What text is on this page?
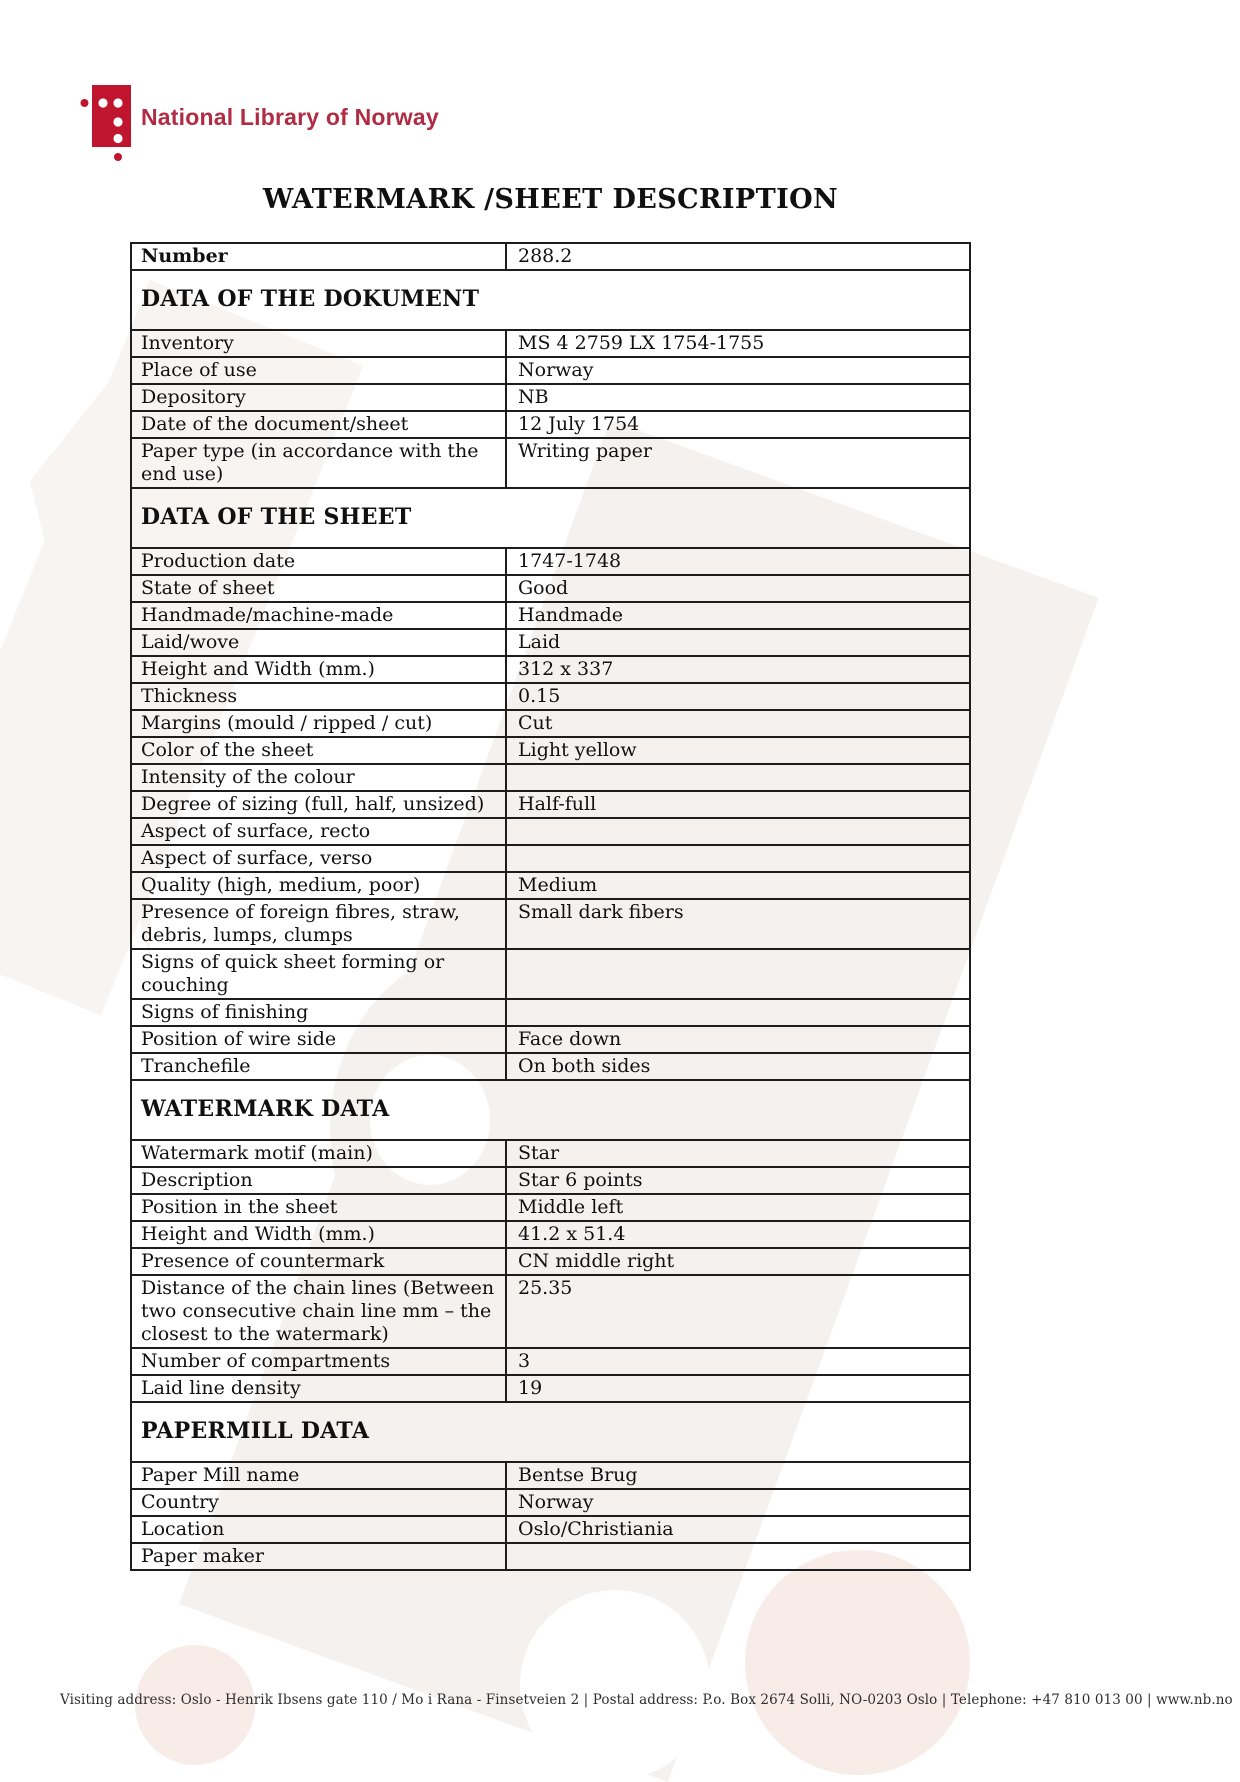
National Library of Norway
WATERMARK /SHEET DESCRIPTION
Number	288.2
DATA OF THE DOKUMENT	
Inventory	MS 4 2759 LX 1754-1755
Place of use	Norway
Depository	NB
Date of the document/sheet	12 July 1754
Paper type (in accordance with the end use)	Writing paper
DATA OF THE SHEET	
Production date	1747-1748
State of sheet	Good
Handmade/machine-made	Handmade
Laid/wove	Laid
Height and Width (mm.)	312 x 337
Thickness	0.15
Margins (mould / ripped / cut)	Cut
Color of the sheet	Light yellow
Intensity of the colour	
Degree of sizing (full, half, unsized)	Half-full
Aspect of surface, recto	
Aspect of surface, verso	
Quality (high, medium, poor)	Medium
Presence of foreign fibres, straw, debris, lumps, clumps	Small dark fibers
Signs of quick sheet forming or couching	
Signs of finishing	
Position of wire side	Face down
Tranchefile	On both sides
WATERMARK DATA	
Watermark motif (main)	Star
Description	Star 6 points
Position in the sheet	Middle left
Height and Width (mm.)	41.2 x 51.4
Presence of countermark	CN middle right
Distance of the chain lines (Between two consecutive chain line mm – the closest to the watermark)	25.35
Number of compartments	3
Laid line density	19
PAPERMILL DATA	
Paper Mill name	Bentse Brug
Country	Norway
Location	Oslo/Christiania
Paper maker	
Visiting address: Oslo - Henrik Ibsens gate 110 / Mo i Rana - Finsetveien 2 | Postal address: P.o. Box 2674 Solli, NO-0203 Oslo | Telephone: +47 810 013 00 | www.nb.no
